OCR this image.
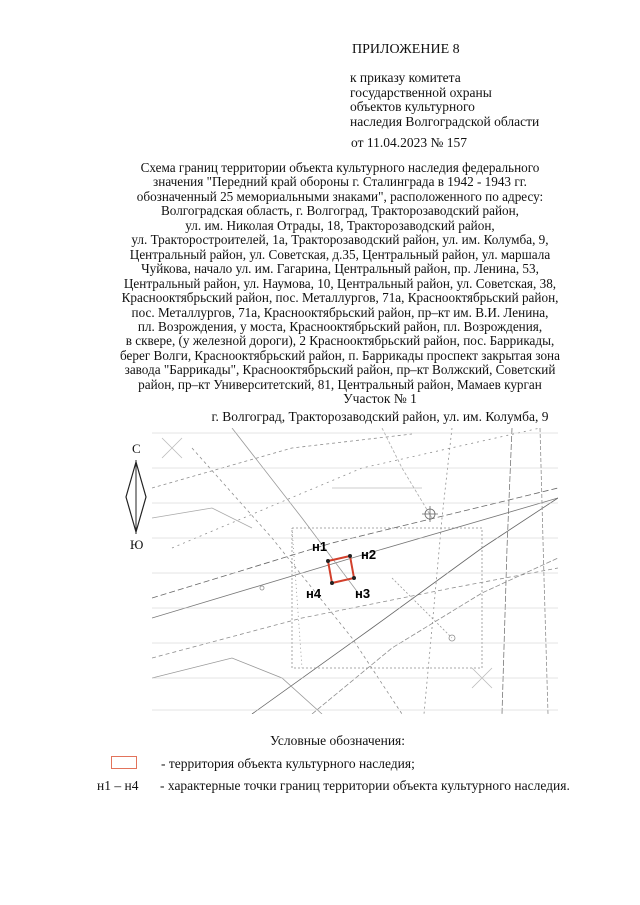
ПРИЛОЖЕНИЕ 8
к приказу комитета
государственной охраны
объектов культурного
наследия Волгоградской области
от 11.04.2023 № 157
Схема границ территории объекта культурного наследия федерального
значения "Передний край обороны г. Сталинграда в 1942 - 1943 гг.
обозначенный 25 мемориальными знаками", расположенного по адресу:
Волгоградская область, г. Волгоград, Тракторозаводский район,
ул. им. Николая Отрады, 18, Тракторозаводский район,
ул. Тракторостроителей, 1а, Тракторозаводский район, ул. им. Колумба, 9,
Центральный район, ул. Советская, д.35, Центральный район, ул. маршала
Чуйкова, начало ул. им. Гагарина, Центральный район, пр. Ленина, 53,
Центральный район, ул. Наумова, 10, Центральный район, ул. Советская, 38,
Краснооктябрьский район, пос. Металлургов, 71а, Краснооктябрьский район,
пос. Металлургов, 71а, Краснооктябрьский район, пр–кт им. В.И. Ленина,
пл. Возрождения, у моста, Краснооктябрьский район, пл. Возрождения,
в сквере, (у железной дороги), 2 Краснооктябрьский район, пос. Баррикады,
берег Волги, Краснооктябрьский район, п. Баррикады проспект закрытая зона
завода "Баррикады", Краснооктябрьский район, пр–кт Волжский, Советский
район, пр–кт Университетский, 81, Центральный район, Мамаев курган
Участок № 1
г. Волгоград, Тракторозаводский район, ул. им. Колумба, 9
С
Ю	н1
н2
н3
н4
Условные обозначения:
- территория объекта культурного наследия;
н1 – н4 - характерные точки границ территории объекта культурного наследия.
